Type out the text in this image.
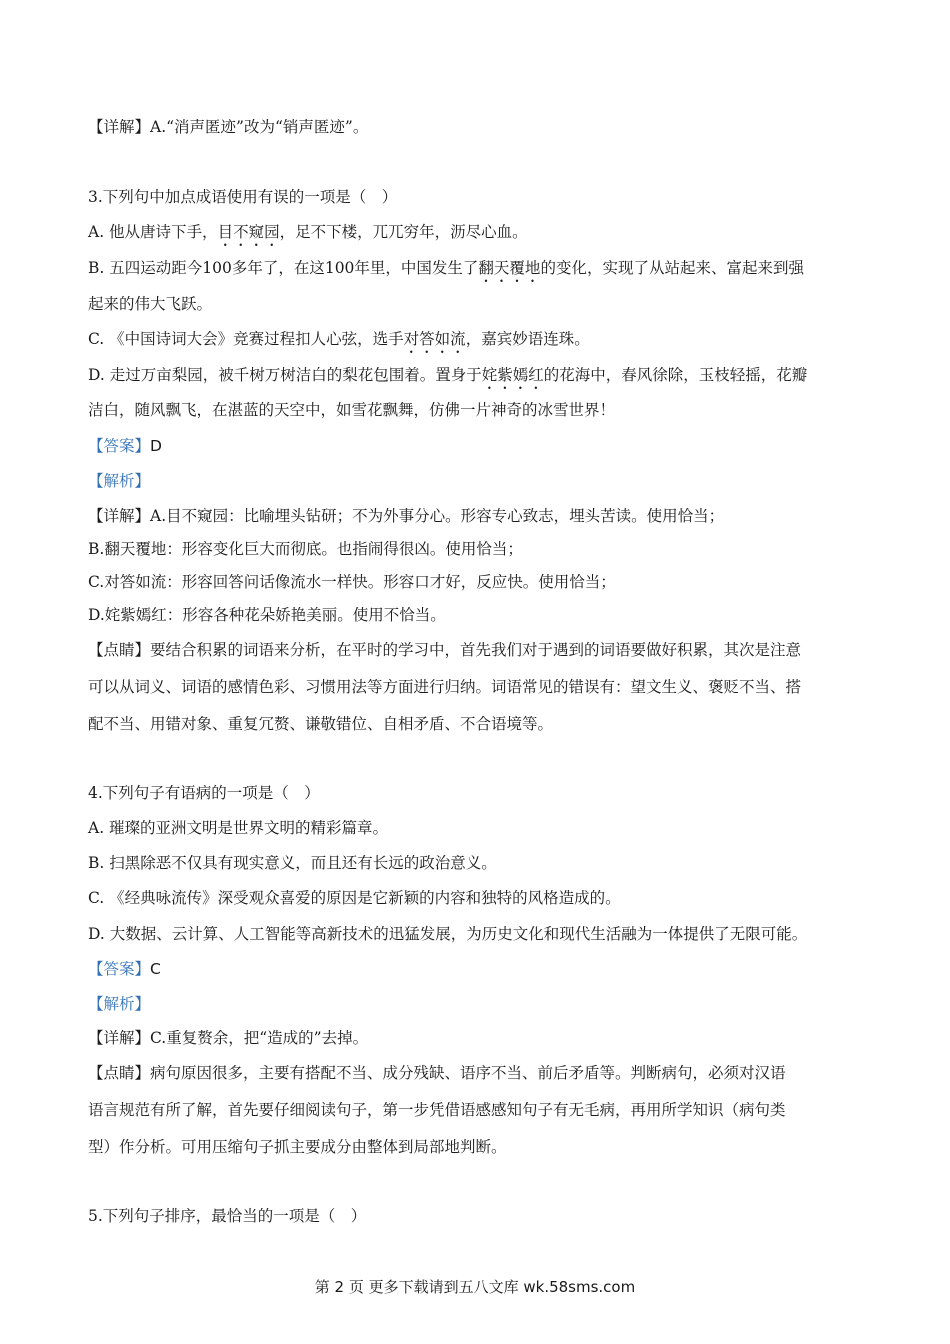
【详解】A.“消声匿迹”改为“销声匿迹”。
3.下列句中加点成语使用有误的一项是（　）
A. 他从唐诗下手，目不窥园，足不下楼，兀兀穷年，沥尽心血。
B. 五四运动距今100多年了，在这100年里，中国发生了翻天覆地的变化，实现了从站起来、富起来到强
起来的伟大飞跃。
C. 《中国诗词大会》竞赛过程扣人心弦，选手对答如流，嘉宾妙语连珠。
D. 走过万亩梨园，被千树万树洁白的梨花包围着。置身于姹紫嫣红的花海中，春风徐除，玉枝轻摇，花瓣
洁白，随风飘飞，在湛蓝的天空中，如雪花飘舞，仿佛一片神奇的冰雪世界！
【答案】D
【解析】
【详解】A.目不窥园：比喻埋头钻研；不为外事分心。形容专心致志，埋头苦读。使用恰当；
B.翻天覆地：形容变化巨大而彻底。也指闹得很凶。使用恰当；
C.对答如流：形容回答问话像流水一样快。形容口才好，反应快。使用恰当；
D.姹紫嫣红：形容各种花朵娇艳美丽。使用不恰当。
【点睛】要结合积累的词语来分析，在平时的学习中，首先我们对于遇到的词语要做好积累，其次是注意
可以从词义、词语的感情色彩、习惯用法等方面进行归纳。词语常见的错误有：望文生义、褒贬不当、搭
配不当、用错对象、重复冗赘、谦敬错位、自相矛盾、不合语境等。
4.下列句子有语病的一项是（　）
A. 璀璨的亚洲文明是世界文明的精彩篇章。
B. 扫黑除恶不仅具有现实意义，而且还有长远的政治意义。
C. 《经典咏流传》深受观众喜爱的原因是它新颖的内容和独特的风格造成的。
D. 大数据、云计算、人工智能等高新技术的迅猛发展，为历史文化和现代生活融为一体提供了无限可能。
【答案】C
【解析】
【详解】C.重复赘余，把“造成的”去掉。
【点睛】病句原因很多，主要有搭配不当、成分残缺、语序不当、前后矛盾等。判断病句，必须对汉语
语言规范有所了解，首先要仔细阅读句子，第一步凭借语感感知句子有无毛病，再用所学知识（病句类
型）作分析。可用压缩句子抓主要成分由整体到局部地判断。
5.下列句子排序，最恰当的一项是（　）
第 2 页 更多下载请到五八文库 wk.58sms.com
